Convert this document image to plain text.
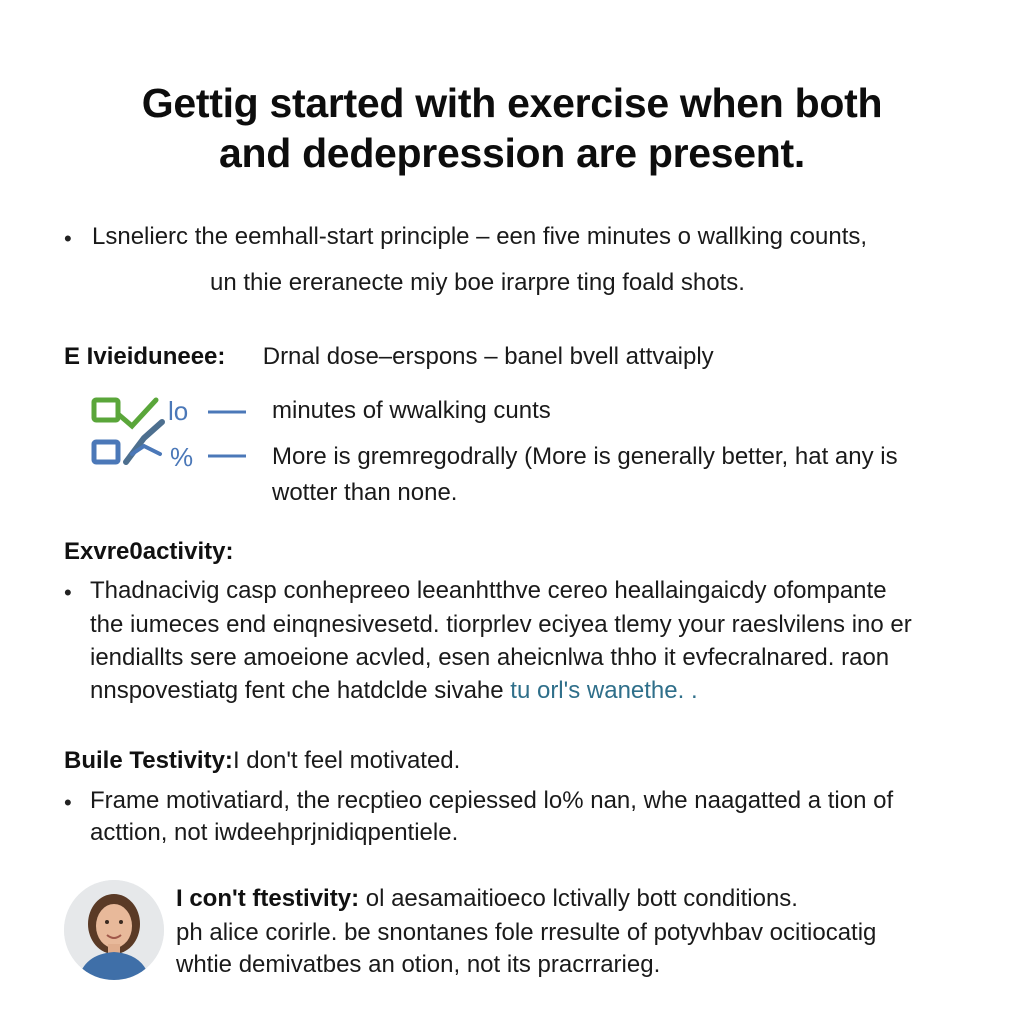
Gettig started with exercise when both
and dedepression are present.
• Lsnelierc the eemhall-start principle – een five minutes o wallking counts,
un thie ereranecte miy boe irarpre ting foald shots.
E Ivieiduneee: Drnal dose–erspons – banel bvell attvaiply
lo
%
minutes of wwalking cunts
More is gremregodrally (More is generally better, hat any is
wotter than none.
Exvre0activity:
• Thadnacivig casp conhepreeo leeanhtthve cereo heallaingaicdy ofompante
the iumeces end einqnesivesetd. tiorprlev eciyea tlemy your raeslvilens ino er
iendiallts sere amoeione acvled, esen aheicnlwa thho it evfecralnared. raon
nnspovestiatg fent che hatdclde sivahe tu orl's wanethe. .
Buile Testivity:I don't feel motivated.
• Frame motivatiard, the recptieo cepiessed lo% nan, whe naagatted a tion of
acttion, not iwdeehprjnidiqpentiele.
I con't ftestivity: ol aesamaitioeco lctivally bott conditions.
ph alice corirle. be snontanes fole rresulte of potyvhbav ocitiocatig
whtie demivatbes an otion, not its pracrrarieg.
